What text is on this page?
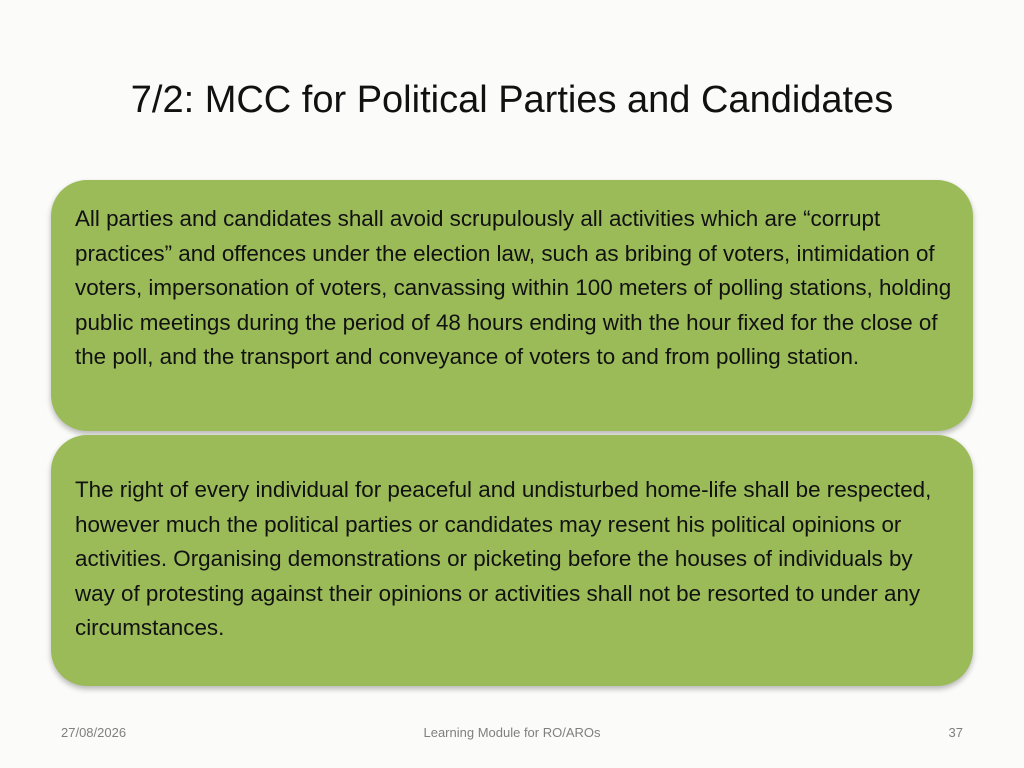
7/2: MCC for Political Parties and Candidates
All parties and candidates shall avoid scrupulously all activities which are “corrupt practices” and offences under the election law, such as bribing of voters, intimidation of voters, impersonation of voters, canvassing within 100 meters of polling stations, holding public meetings during the period of 48 hours ending with the hour fixed for the close of the poll, and the transport and conveyance of voters to and from polling station.
The right of every individual for peaceful and undisturbed home-life shall be respected, however much the political parties or candidates may resent his political opinions or activities. Organising demonstrations or picketing before the houses of individuals by way of protesting against their opinions or activities shall not be resorted to under any circumstances.
Learning Module for RO/AROs
27/08/2026	37
